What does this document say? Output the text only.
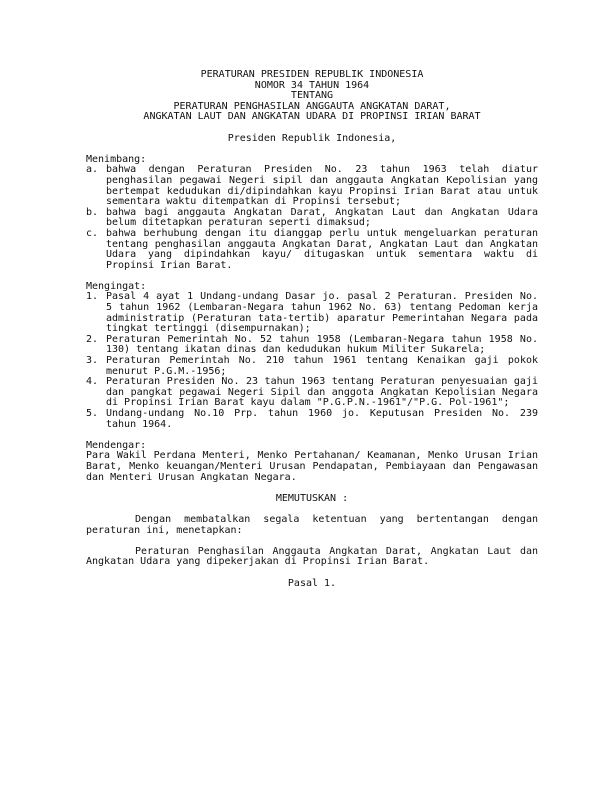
PERATURAN PRESIDEN REPUBLIK INDONESIA
NOMOR 34 TAHUN 1964
TENTANG
PERATURAN PENGHASILAN ANGGAUTA ANGKATAN DARAT,
ANGKATAN LAUT DAN ANGKATAN UDARA DI PROPINSI IRIAN BARAT
Presiden Republik Indonesia,
Menimbang:
a. bahwa dengan Peraturan Presiden No. 23 tahun 1963 telah diatur penghasilan pegawai Negeri sipil dan anggauta Angkatan Kepolisian yang bertempat kedudukan di/dipindahkan kayu Propinsi Irian Barat atau untuk sementara waktu ditempatkan di Propinsi tersebut;
b. bahwa bagi anggauta Angkatan Darat, Angkatan Laut dan Angkatan Udara belum ditetapkan peraturan seperti dimaksud;
c. bahwa berhubung dengan itu dianggap perlu untuk mengeluarkan peraturan tentang penghasilan anggauta Angkatan Darat, Angkatan Laut dan Angkatan Udara yang dipindahkan kayu/ ditugaskan untuk sementara waktu di Propinsi Irian Barat.
Mengingat:
1. Pasal 4 ayat 1 Undang-undang Dasar jo. pasal 2 Peraturan. Presiden No. 5 tahun 1962 (Lembaran-Negara tahun 1962 No. 63) tentang Pedoman kerja administratip (Peraturan tata-tertib) aparatur Pemerintahan Negara pada tingkat tertinggi (disempurnakan);
2. Peraturan Pemerintah No. 52 tahun 1958 (Lembaran-Negara tahun 1958 No. 130) tentang ikatan dinas dan kedudukan hukum Militer Sukarela;
3. Peraturan Pemerintah No. 210 tahun 1961 tentang Kenaikan gaji pokok menurut P.G.M.-1956;
4. Peraturan Presiden No. 23 tahun 1963 tentang Peraturan penyesuaian gaji dan pangkat pegawai Negeri Sipil dan anggota Angkatan Kepolisian Negara di Propinsi Irian Barat kayu dalam "P.G.P.N.-1961"/"P.G. Pol-1961";
5. Undang-undang No.10 Prp. tahun 1960 jo. Keputusan Presiden No. 239 tahun 1964.
Mendengar:
Para Wakil Perdana Menteri, Menko Pertahanan/ Keamanan, Menko Urusan Irian Barat, Menko keuangan/Menteri Urusan Pendapatan, Pembiayaan dan Pengawasan dan Menteri Urusan Angkatan Negara.
MEMUTUSKAN :
Dengan membatalkan segala ketentuan yang bertentangan dengan peraturan ini, menetapkan:
Peraturan Penghasilan Anggauta Angkatan Darat, Angkatan Laut dan Angkatan Udara yang dipekerjakan di Propinsi Irian Barat.
Pasal 1.
